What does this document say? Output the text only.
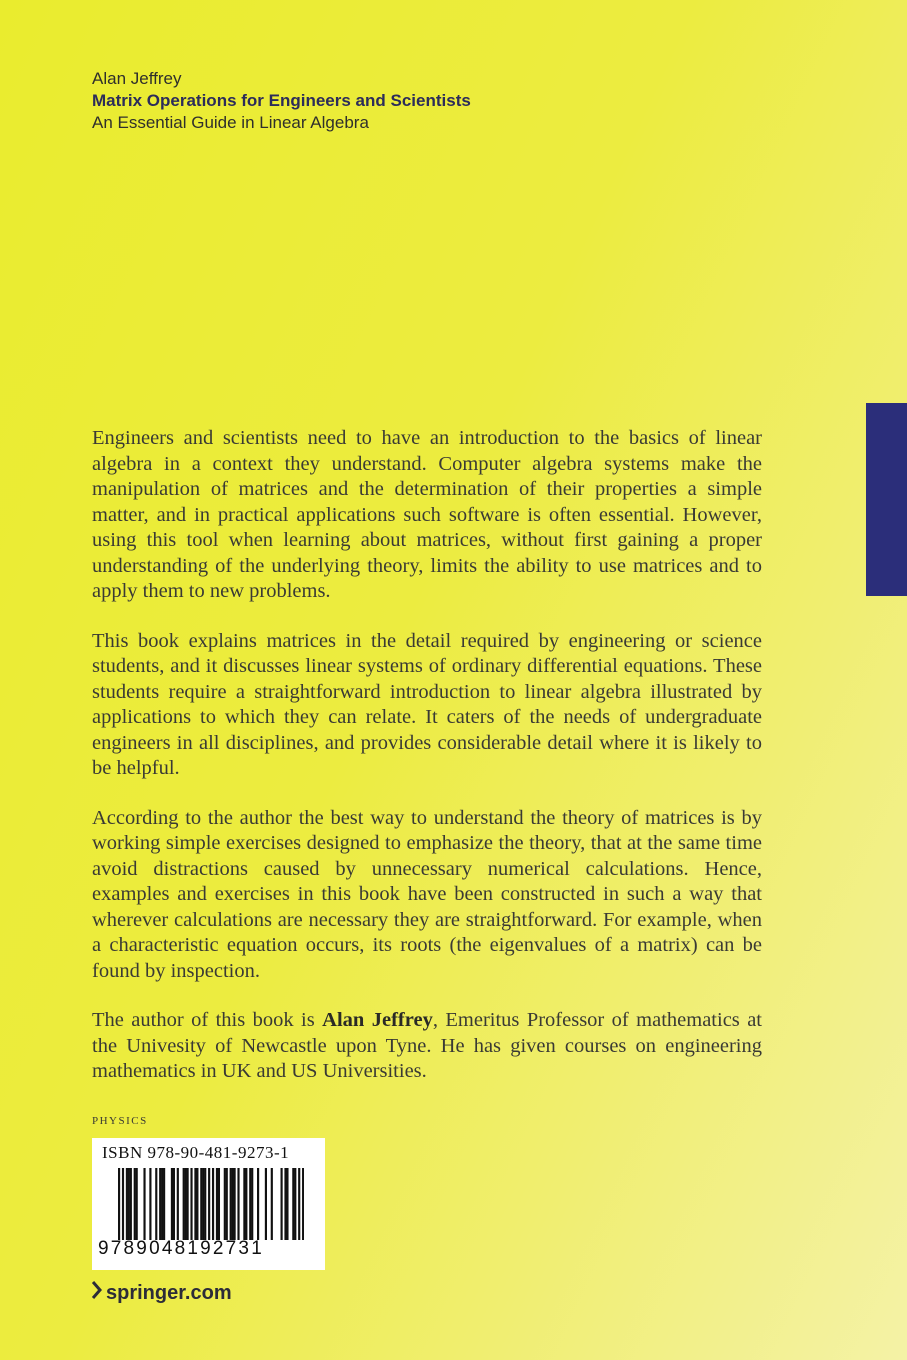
Alan Jeffrey
Matrix Operations for Engineers and Scientists
An Essential Guide in Linear Algebra

Engineers and scientists need to have an introduction to the basics of linear algebra in a context they understand. Computer algebra systems make the manipulation of matrices and the determination of their properties a simple matter, and in practical applications such software is often essential. However, using this tool when learning about matrices, without first gaining a proper understanding of the underlying theory, limits the ability to use matrices and to apply them to new problems.

This book explains matrices in the detail required by engineering or science students, and it discusses linear systems of ordinary differential equations. These students require a straightforward introduction to linear algebra illustrated by applications to which they can relate. It caters of the needs of undergraduate engineers in all disciplines, and provides considerable detail where it is likely to be helpful.

According to the author the best way to understand the theory of matrices is by working simple exercises designed to emphasize the theory, that at the same time avoid distractions caused by unnecessary numerical calculations. Hence, examples and exercises in this book have been constructed in such a way that wherever calculations are necessary they are straightforward. For example, when a characteristic equation occurs, its roots (the eigenvalues of a matrix) can be found by inspection.

The author of this book is Alan Jeffrey, Emeritus Professor of mathematics at the Univesity of Newcastle upon Tyne. He has given courses on engineering mathematics in UK and US Universities.

PHYSICS
ISBN 978-90-481-9273-1
9789048192731
springer.com
